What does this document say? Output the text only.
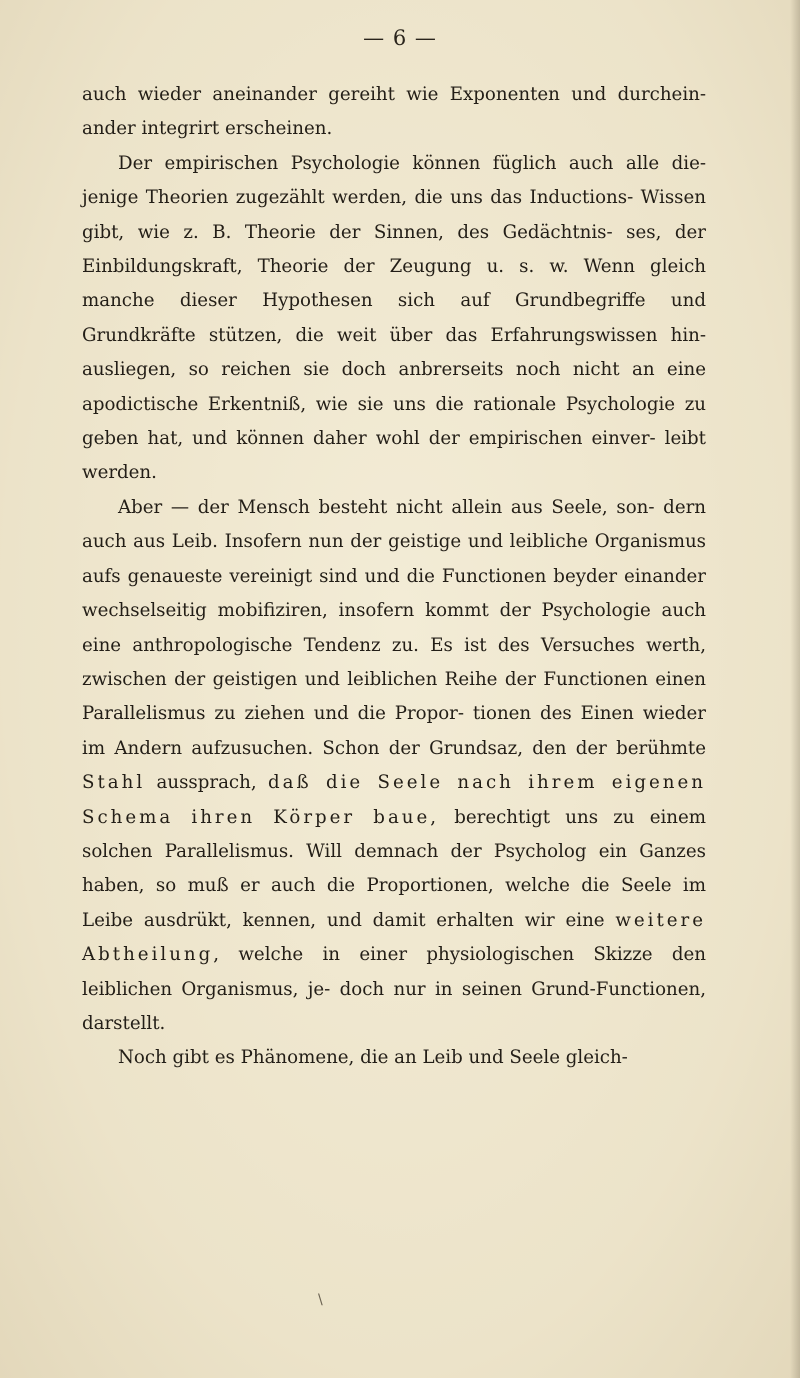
— 6 —

auch wieder aneinander gereiht wie Exponenten und durchein- ander integrirt erscheinen.

Der empirischen Psychologie können füglich auch alle die- jenige Theorien zugezählt werden, die uns das Inductions- Wissen gibt, wie z. B. Theorie der Sinnen, des Gedächtnis- ses, der Einbildungskraft, Theorie der Zeugung u. s. w. Wenn gleich manche dieser Hypothesen sich auf Grundbegriffe und Grundkräfte stützen, die weit über das Erfahrungswissen hin- ausliegen, so reichen sie doch anbrerseits noch nicht an eine apodictische Erkentniß, wie sie uns die rationale Psychologie zu geben hat, und können daher wohl der empirischen einver- leibt werden.

Aber — der Mensch besteht nicht allein aus Seele, son- dern auch aus Leib. Insofern nun der geistige und leibliche Organismus aufs genaueste vereinigt sind und die Functionen beyder einander wechselseitig mobifiziren, insofern kommt der Psychologie auch eine anthropologische Tendenz zu. Es ist des Versuches werth, zwischen der geistigen und leiblichen Reihe der Functionen einen Parallelismus zu ziehen und die Propor- tionen des Einen wieder im Andern aufzusuchen. Schon der Grundsaz, den der berühmte Stahl aussprach, daß die Seele nach ihrem eigenen Schema ihren Körper baue, berechtigt uns zu einem solchen Parallelismus. Will demnach der Psycholog ein Ganzes haben, so muß er auch die Proportionen, welche die Seele im Leibe ausdrükt, kennen, und damit erhalten wir eine weitere Abtheilung, welche in einer physiologischen Skizze den leiblichen Organismus, je- doch nur in seinen Grund-Functionen, darstellt.

Noch gibt es Phänomene, die an Leib und Seele gleich-

\
